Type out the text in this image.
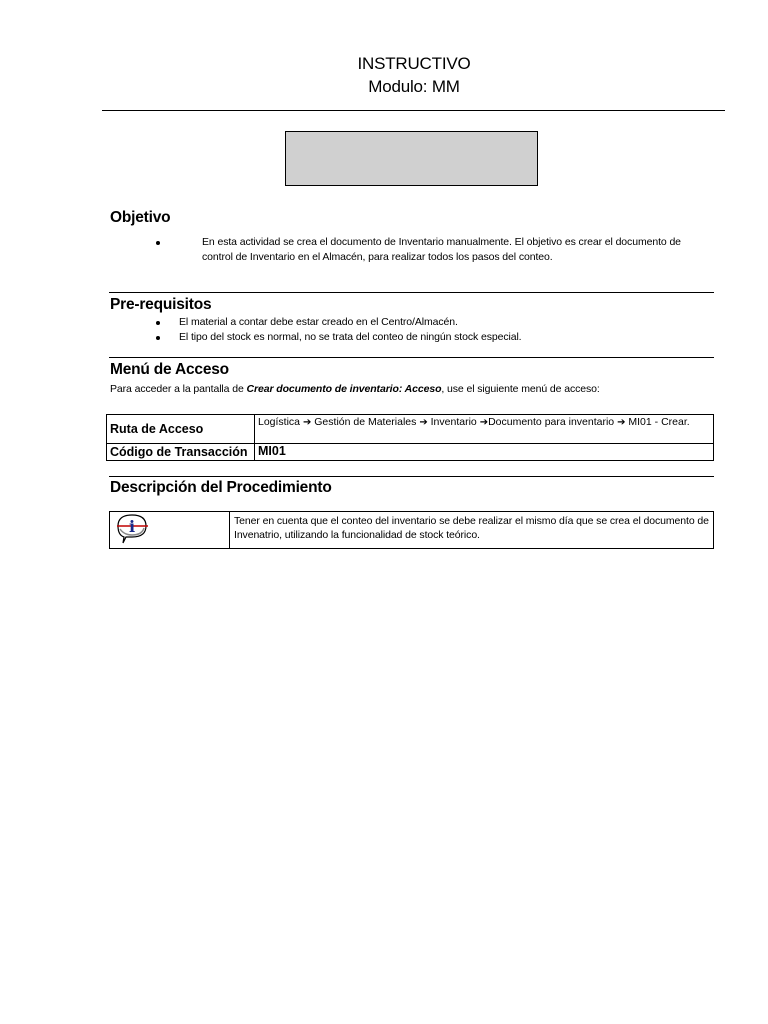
INSTRUCTIVO
Modulo: MM
Objetivo
En esta actividad se crea el documento de Inventario manualmente. El objetivo es crear el documento de control de Inventario en el Almacén, para realizar todos los pasos del conteo.
Pre-requisitos
El material a contar debe estar creado en el Centro/Almacén.
El tipo del stock es normal, no se trata del conteo de ningún stock especial.
Menú de Acceso
Para acceder a la pantalla de Crear documento de inventario: Acceso, use el siguiente menú de acceso:
Ruta de Acceso	Logística ➔ Gestión de Materiales ➔ Inventario ➔Documento para inventario ➔ MI01 - Crear.
Código de Transacción	MI01
Descripción del Procedimiento
i	Tener en cuenta que el conteo del inventario se debe realizar el mismo día que se crea el documento de Invenatrio, utilizando la funcionalidad de stock teórico.
